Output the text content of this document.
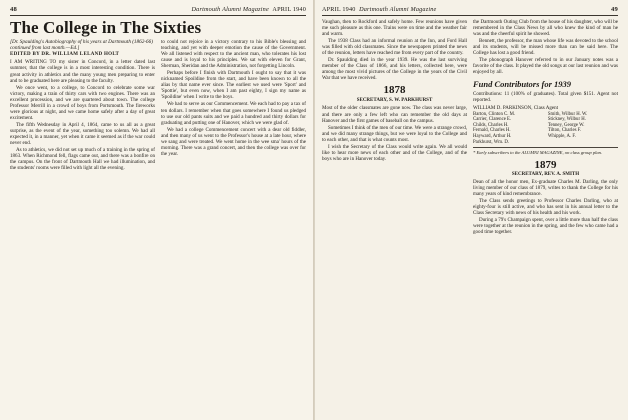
48	Dartmouth Alumni Magazine APRIL 1940
The College in The Sixties
[Dr. Spaulding's Autobiography of his years at Dartmouth (1862-66) continued from last month.—Ed.]
EDITED BY DR. WILLIAM LELAND HOLT

I AM WRITING TO my sister in Concord, in a letter dated last summer, that the college is in a most interesting condition. There is great activity in athletics and the many young men preparing to enter and to be graduated here are pleasing to the faculty.

We once went, to a college, to Concord to celebrate some war victory, making a train of thirty cars with two engines. There was an excellent procession, and we are quartered about town. The college Professor Merrill in a crowd of boys from Portsmouth. The fireworks were glorious at night, and we came home safely after a day of great excitement.

The fifth Wednesday in April 4, 1864, came to us all as a great surprise, as the event of the year, something too solemn. We had all expected it, in a manner, yet when it came it seemed as if the war could never end.

As to athletics, we did not set up much of a training in the spring of 1863. When Richmond fell, flags came out, and there was a bonfire on the campus. On the front of Dartmouth Hall we had illumination, and the students' rooms were filled with light all the evening.

to could not rejoice in a victory contrary to his Bible's blessing and teaching, and yet with deeper emotion the cause of the Government. We all listened with respect to the ancient man, who tolerates his lost cause and is loyal to his principles. We sat with eleven for Grant, Sherman, Sheridan and the Administration, not forgetting Lincoln.

Perhaps before I finish with Dartmouth I ought to say that it was nicknamed Spoildine from the start, and have been known to all the alias by that name ever since. The earliest we used were 'Sport' and 'Spottie', but even now, when I am past eighty, I sign my name as 'Spoildine' when I write to the boys.

We had to serve as our Commencement. We each had to pay a tax of ten dollars. I remember when that goes somewhere I found us pledged to use our old pants suits and we paid a hundred and thirty dollars for graduating and putting one of Hanover, which we were glad of.

We had a college Commencement concert with a dear old fiddler, and then many of us went to the Professor's house at a late hour, where we sang and were treated. We went home in the wee sma' hours of the morning. There was a grand concert, and then the college was over for the year.

APRIL 1940 Dartmouth Alumni Magazine	49

Vaughan, then to Rockford and safely home. Few reunions have given me such pleasure as this one. Trains were on time and the weather fair and warm.

The 1938 Class had an informal reunion at the Inn, and Ford Hall was filled with old classmates. Since the newspapers printed the news of the reunion, letters have reached me from every part of the country.

Dr. Spaulding died in the year 1939. He was the last surviving member of the Class of 1866, and his letters, collected here, were among the most vivid pictures of the College in the years of the Civil War that we have received.

1878
SECRETARY, S. W. PARKHURST

Most of the older classmates are gone now. The class was never large, and there are only a few left who can remember the old days at Hanover and the first games of baseball on the campus.

Sometimes I think of the men of our time. We were a strange crowd, and we did many strange things, but we were loyal to the College and to each other, and that is what counts most.

I wish the Secretary of the Class would write again. We all would like to hear more news of each other and of the College, and of the boys who are in Hanover today.

the Dartmouth Outing Club from the house of his daughter, who will be remembered in the Class News by all who knew the kind of man he was and the cheerful spirit he showed.

Bennett, the professor, the man whose life was devoted to the school and its students, will be missed more than can be said here. The College has lost a good friend.

The phonograph Hanover referred to in our January notes was a favorite of the class. It played the old songs at our last reunion and was enjoyed by all.

Fund Contributors for 1939

Contributions: 11 (100% of graduates). Total given $151. Agent not reported.

WILLIAM D. PARKINSON, Class Agent

Barton, Clinton C. M.	Smith, Wilbur H. W.
Carrier, Clarence E.	Stickney, Wilbur H.
Childs, Charles H.	Tenney, George W.
Fernald, Charles H.	Tilton, Charles F.
Hayward, Arthur H.	Whipple, A. F.
Parkhurst, Wm. D.	
* Early subscribers to the ALUMNI MAGAZINE, on class group plan.
1879
SECRETARY, REV. A. SMITH

Dean of all the honor men, Ex-graduate Charles M. Darling, the only living member of our class of 1879, writes to thank the College for his many years of kind remembrance.

The Class sends greetings to Professor Charles Darling, who at eighty-four is still active, and who has sent in his annual letter to the Class Secretary with news of his health and his work.

During a 79's Champaign spent, over a little more than half the class were together at the reunion in the spring, and the few who came had a good time together.
